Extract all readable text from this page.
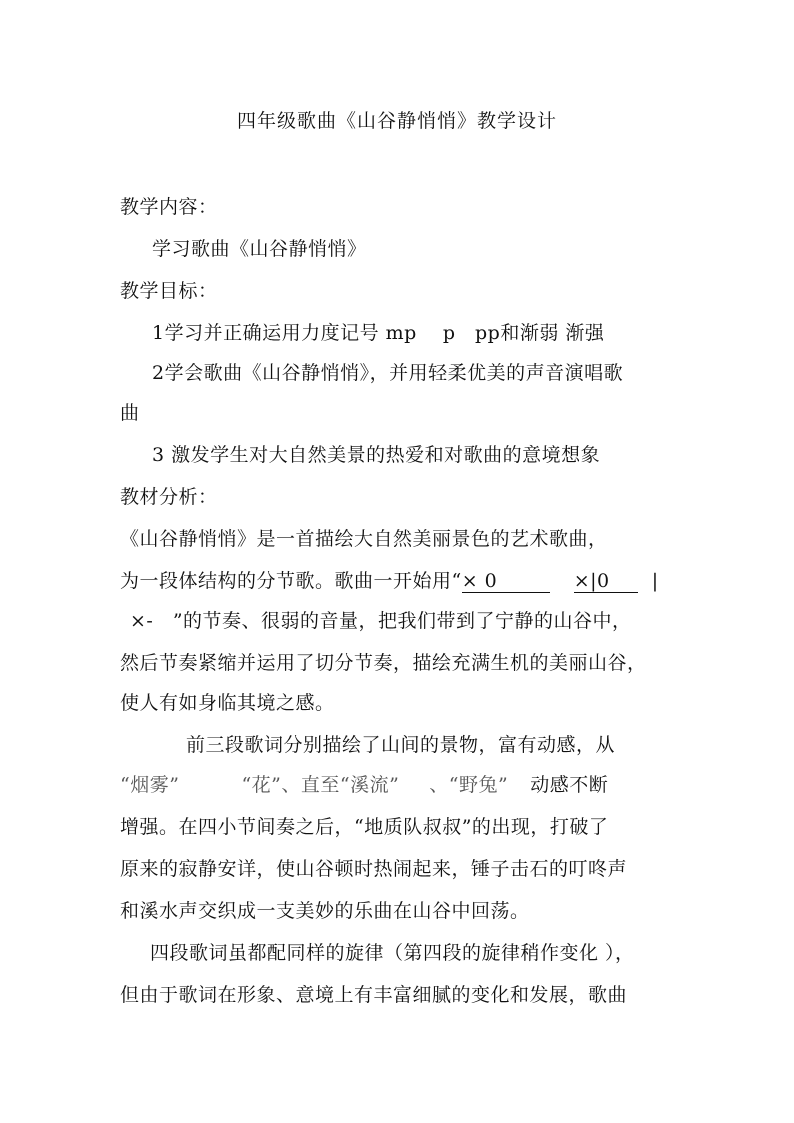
四年级歌曲《山谷静悄悄》教学设计
教学内容：
学习歌曲《山谷静悄悄》
教学目标：
1学习并正确运用力度记号 mp　 p　pp和渐弱 渐强
2学会歌曲《山谷静悄悄》，并用轻柔优美的声音演唱歌
曲
3 激发学生对大自然美景的热爱和对歌曲的意境想象
教材分析：
《山谷静悄悄》是一首描绘大自然美丽景色的艺术歌曲，
为一段体结构的分节歌。歌曲一开始用“× 0　	×|0　|
×-　”的节奏、很弱的音量，把我们带到了宁静的山谷中，
然后节奏紧缩并运用了切分节奏，描绘充满生机的美丽山谷，
使人有如身临其境之感。
前三段歌词分别描绘了山间的景物，富有动感，从
“烟雾”	“花”、直至“溪流” 、“野兔” 动感不断
增强。在四小节间奏之后，“地质队叔叔”的出现，打破了
原来的寂静安详，使山谷顿时热闹起来，锤子击石的叮咚声
和溪水声交织成一支美妙的乐曲在山谷中回荡。
四段歌词虽都配同样的旋律（第四段的旋律稍作变化 ），
但由于歌词在形象、意境上有丰富细腻的变化和发展，歌曲
